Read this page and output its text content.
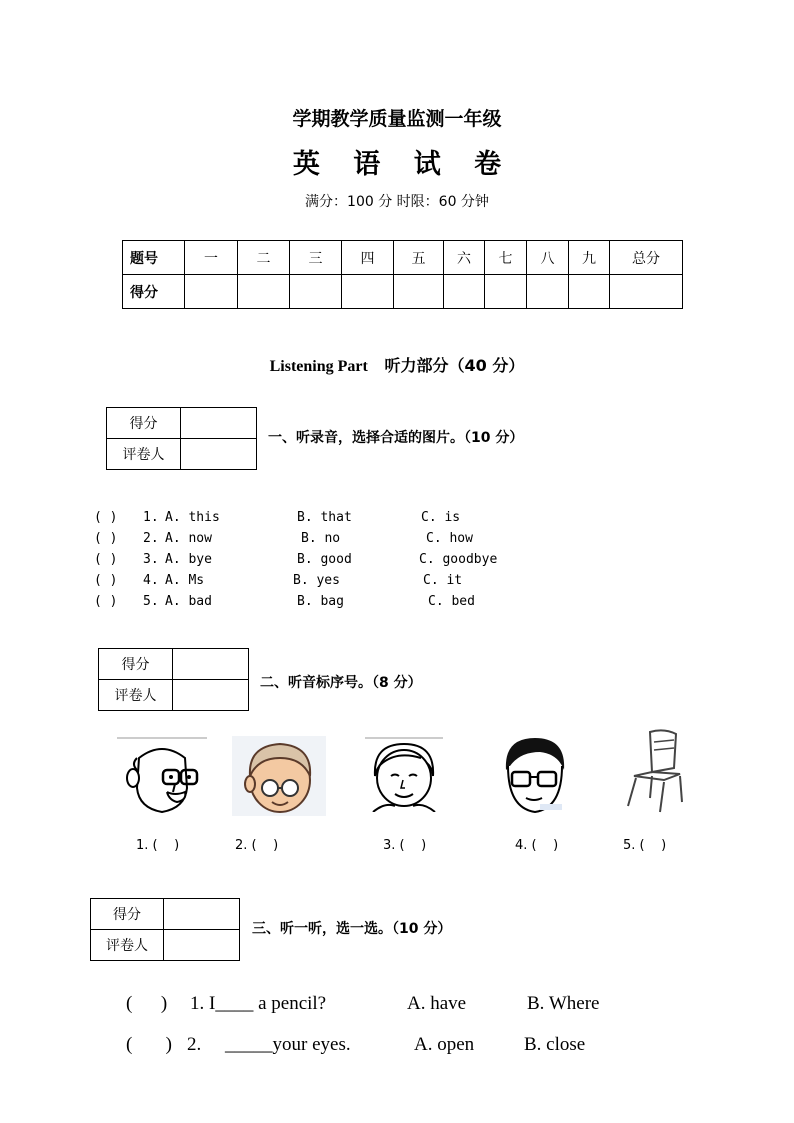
学期教学质量监测一年级
英 语 试 卷
满分：100 分 时限：60 分钟
题号	一	二	三	四	五	六	七	八	九	总分
得分										
Listening Part 听力部分（40 分）
得分	
评卷人	
一、听录音，选择合适的图片。（10 分）
( ) 1. A. this	B. that	C. is
( ) 2. A. now	B. no	C. how
( ) 3. A. bye	B. good	C. goodbye
( ) 4. A. Ms	B. yes	C. it
( ) 5. A. bad	B. bag	C. bed
得分	
评卷人	
二、听音标序号。（8 分）
1. (    )	2. (    )	3. (    )	4. (    )	5. (    )
得分	
评卷人	
三、听一听，选一选。（10 分）
(      ) 1. I____ a pencil?	A. have	B. Where
(       ) 2.     _____your eyes.	A. open	B. close
